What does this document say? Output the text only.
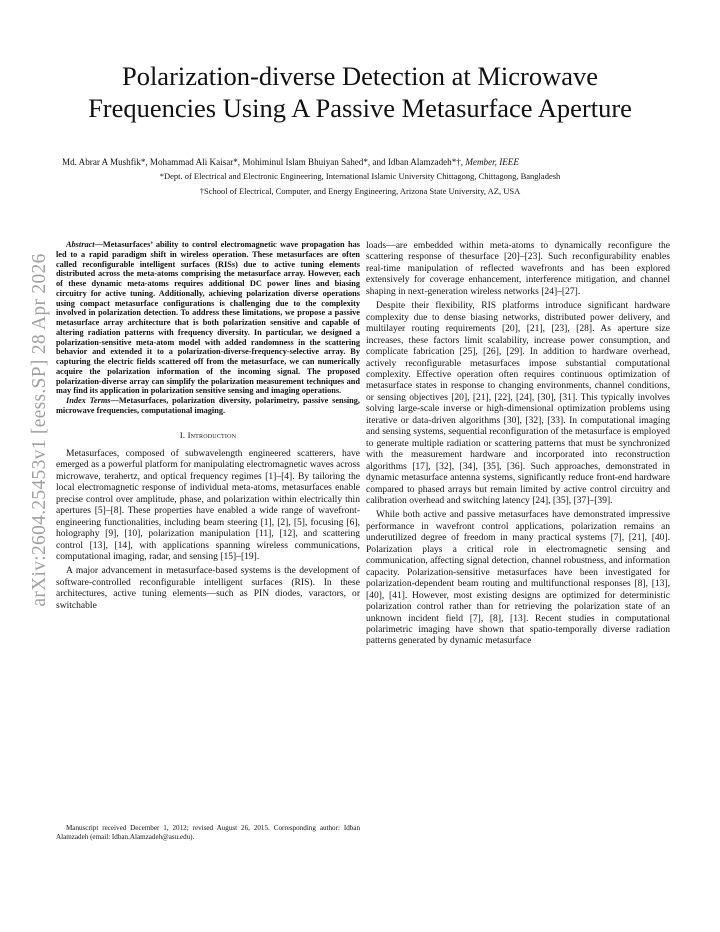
arXiv:2604.25453v1 [eess.SP] 28 Apr 2026
Polarization-diverse Detection at Microwave
Frequencies Using A Passive Metasurface Aperture
Md. Abrar A Mushfik*, Mohammad Ali Kaisar*, Mohiminul Islam Bhuiyan Sahed*, and Idban Alamzadeh*†, Member, IEEE
*Dept. of Electrical and Electronic Engineering, International Islamic University Chittagong, Chittagong, Bangladesh
†School of Electrical, Computer, and Energy Engineering, Arizona State University, AZ, USA

Abstract—Metasurfaces’ ability to control electromagnetic wave propagation has led to a rapid paradigm shift in wireless operation. These metasurfaces are often called reconfigurable intelligent surfaces (RISs) due to active tuning elements distributed across the meta-atoms comprising the metasurface array. However, each of these dynamic meta-atoms requires additional DC power lines and biasing circuitry for active tuning. Additionally, achieving polarization diverse operations using compact metasurface configurations is challenging due to the complexity involved in polarization detection. To address these limitations, we propose a passive metasurface array architecture that is both polarization sensitive and capable of altering radiation patterns with frequency diversity. In particular, we designed a polarization-sensitive meta-atom model with added randomness in the scattering behavior and extended it to a polarization-diverse-frequency-selective array. By capturing the electric fields scattered off from the metasurface, we can numerically acquire the polarization information of the incoming signal. The proposed polarization-diverse array can simplify the polarization measurement techniques and may find its application in polarization sensitive sensing and imaging operations.

Index Terms—Metasurfaces, polarization diversity, polarimetry, passive sensing, microwave frequencies, computational imaging.

I. Introduction

Metasurfaces, composed of subwavelength engineered scatterers, have emerged as a powerful platform for manipulating electromagnetic waves across microwave, terahertz, and optical frequency regimes [1]–[4]. By tailoring the local electromagnetic response of individual meta-atoms, metasurfaces enable precise control over amplitude, phase, and polarization within electrically thin apertures [5]–[8]. These properties have enabled a wide range of wavefront-engineering functionalities, including beam steering [1], [2], [5], focusing [6], holography [9], [10], polarization manipulation [11], [12], and scattering control [13], [14], with applications spanning wireless communications, computational imaging, radar, and sensing [15]–[19].

A major advancement in metasurface-based systems is the development of software-controlled reconfigurable intelligent surfaces (RIS). In these architectures, active tuning elements—such as PIN diodes, varactors, or switchable

Manuscript received December 1, 2012; revised August 26, 2015. Corresponding author: Idban Alamzadeh (email: Idban.Alamzadeh@asu.edu).

loads—are embedded within meta-atoms to dynamically reconfigure the scattering response of thesurface [20]–[23]. Such reconfigurability enables real-time manipulation of reflected wavefronts and has been explored extensively for coverage enhancement, interference mitigation, and channel shaping in next-generation wireless networks [24]–[27].

Despite their flexibility, RIS platforms introduce significant hardware complexity due to dense biasing networks, distributed power delivery, and multilayer routing requirements [20], [21], [23], [28]. As aperture size increases, these factors limit scalability, increase power consumption, and complicate fabrication [25], [26], [29]. In addition to hardware overhead, actively reconfigurable metasurfaces impose substantial computational complexity. Effective operation often requires continuous optimization of metasurface states in response to changing environments, channel conditions, or sensing objectives [20], [21], [22], [24], [30], [31]. This typically involves solving large-scale inverse or high-dimensional optimization problems using iterative or data-driven algorithms [30], [32], [33]. In computational imaging and sensing systems, sequential reconfiguration of the metasurface is employed to generate multiple radiation or scattering patterns that must be synchronized with the measurement hardware and incorporated into reconstruction algorithms [17], [32], [34], [35], [36]. Such approaches, demonstrated in dynamic metasurface antenna systems, significantly reduce front-end hardware compared to phased arrays but remain limited by active control circuitry and calibration overhead and switching latency [24], [35], [37]–[39].

While both active and passive metasurfaces have demonstrated impressive performance in wavefront control applications, polarization remains an underutilized degree of freedom in many practical systems [7], [21], [40]. Polarization plays a critical role in electromagnetic sensing and communication, affecting signal detection, channel robustness, and information capacity. Polarization-sensitive metasurfaces have been investigated for polarization-dependent beam routing and multifunctional responses [8], [13], [40], [41]. However, most existing designs are optimized for deterministic polarization control rather than for retrieving the polarization state of an unknown incident field [7], [8], [13]. Recent studies in computational polarimetric imaging have shown that spatio-temporally diverse radiation patterns generated by dynamic metasurface
